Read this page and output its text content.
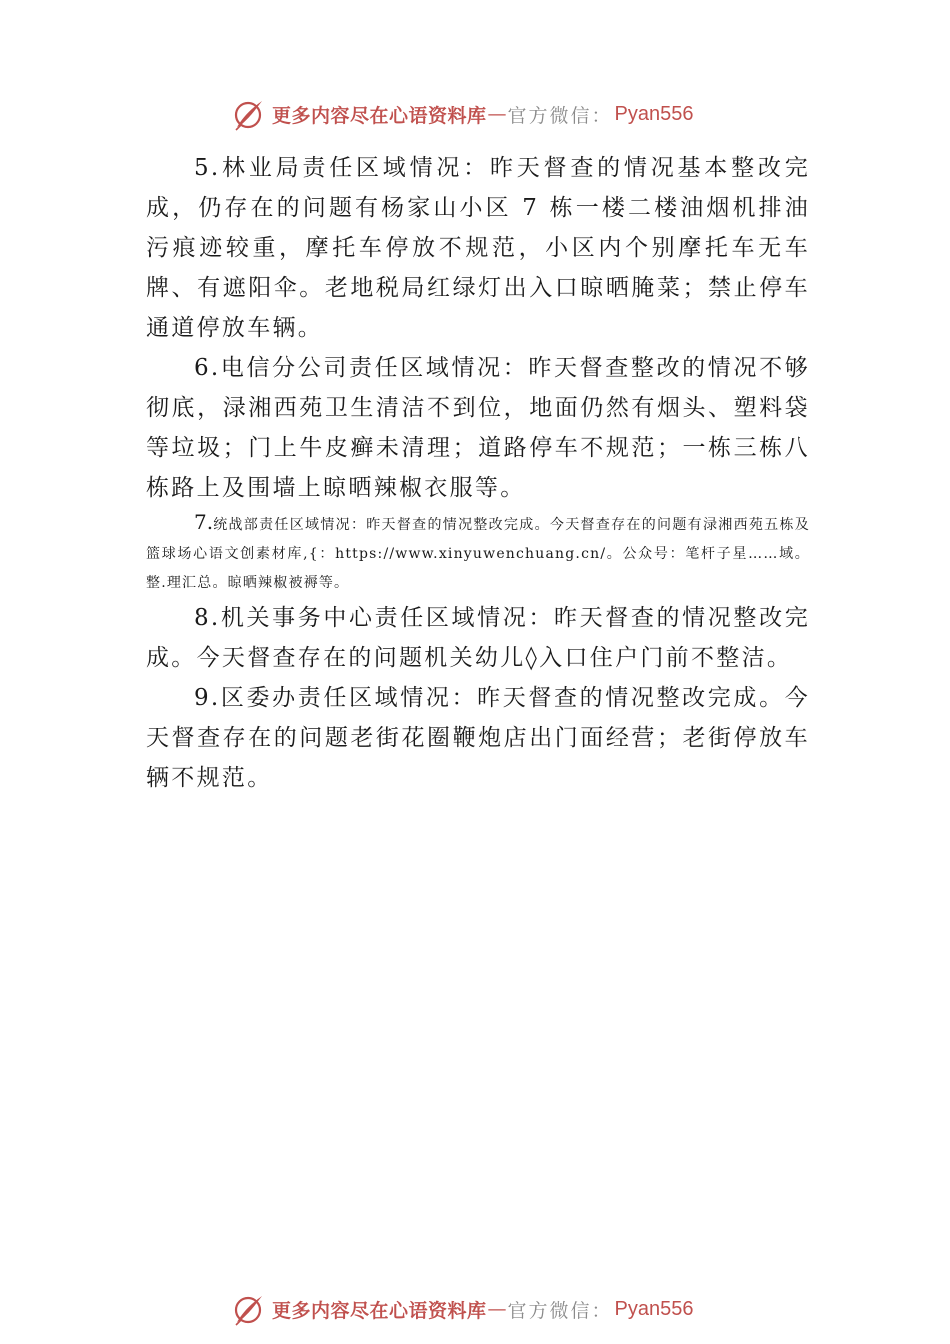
更多内容尽在心语资料库 — 官方微信： Pyan556

5.林业局责任区域情况：昨天督查的情况基本整改完成，仍存在的问题有杨家山小区 7 栋一楼二楼油烟机排油污痕迹较重，摩托车停放不规范，小区内个别摩托车无车牌、有遮阳伞。老地税局红绿灯出入口晾晒腌菜；禁止停车通道停放车辆。

6.电信分公司责任区域情况：昨天督查整改的情况不够彻底，渌湘西苑卫生清洁不到位，地面仍然有烟头、塑料袋等垃圾；门上牛皮癣未清理；道路停车不规范；一栋三栋八栋路上及围墙上晾晒辣椒衣服等。

7.统战部责任区域情况：昨天督查的情况整改完成。今天督查存在的问题有渌湘西苑五栋及篮球场心语文创素材库,{：https://www.xinyuwenchuang.cn/。公众号：笔杆子星……域。整.理汇总。晾晒辣椒被褥等。

8.机关事务中心责任区域情况：昨天督查的情况整改完成。今天督查存在的问题机关幼儿◊入口住户门前不整洁。

9.区委办责任区域情况：昨天督查的情况整改完成。今天督查存在的问题老街花圈鞭炮店出门面经营；老街停放车辆不规范。

更多内容尽在心语资料库 — 官方微信： Pyan556
